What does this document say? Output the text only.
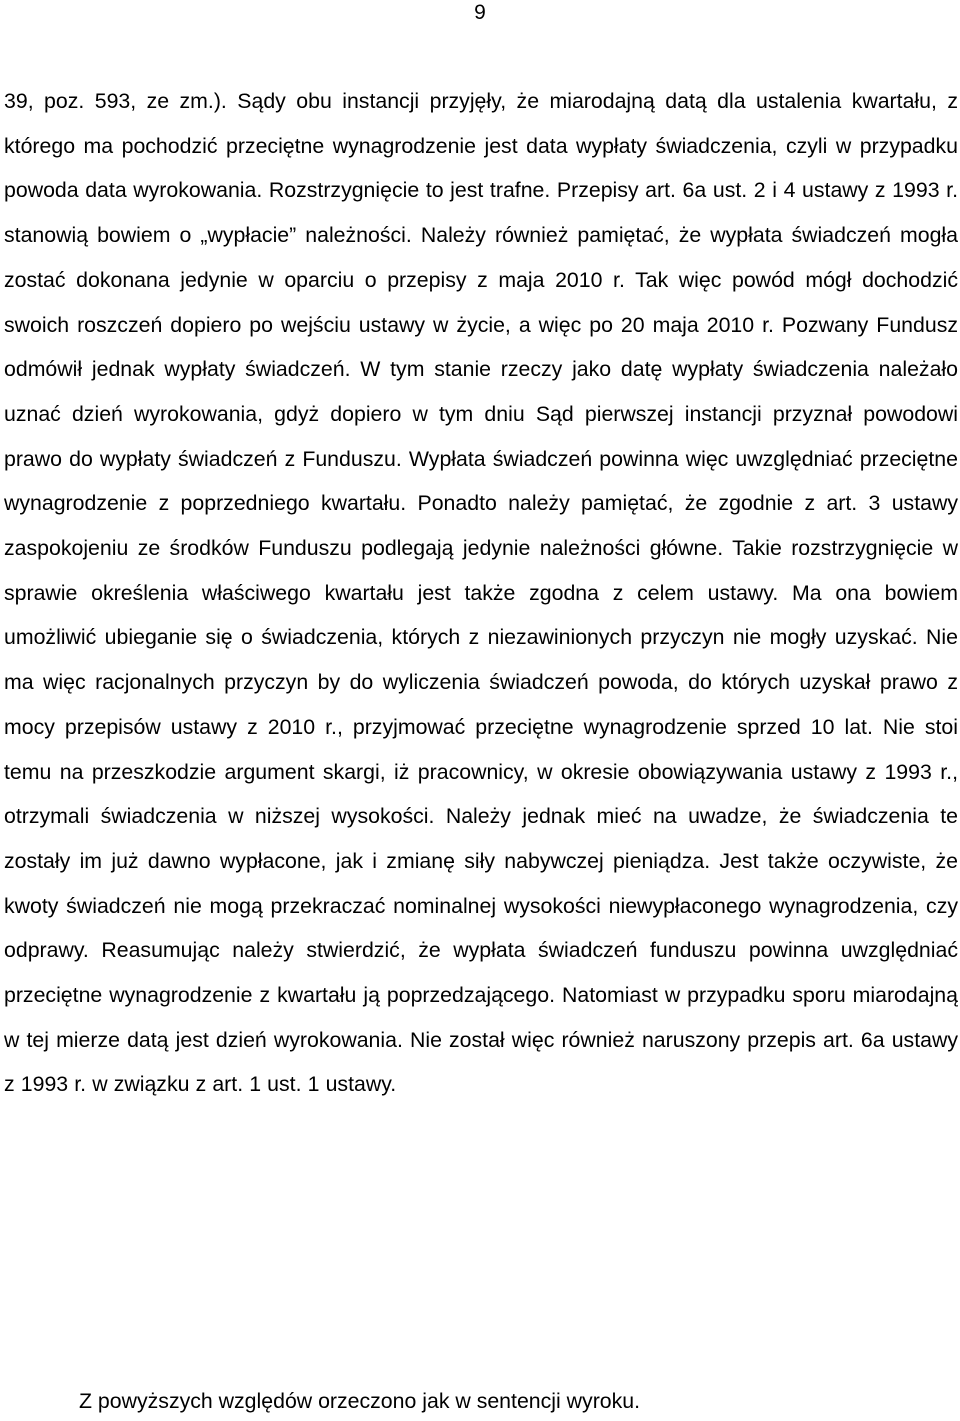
9

39, poz. 593, ze zm.). Sądy obu instancji przyjęły, że miarodajną datą dla ustalenia kwartału, z którego ma pochodzić przeciętne wynagrodzenie jest data wypłaty świadczenia, czyli w przypadku powoda data wyrokowania. Rozstrzygnięcie to jest trafne. Przepisy art. 6a ust. 2 i 4 ustawy z 1993 r. stanowią bowiem o „wypłacie” należności. Należy również pamiętać, że wypłata świadczeń mogła zostać dokonana jedynie w oparciu o przepisy z maja 2010 r. Tak więc powód mógł dochodzić swoich roszczeń dopiero po wejściu ustawy w życie, a więc po 20 maja 2010 r. Pozwany Fundusz odmówił jednak wypłaty świadczeń. W tym stanie rzeczy jako datę wypłaty świadczenia należało uznać dzień wyrokowania, gdyż dopiero w tym dniu Sąd pierwszej instancji przyznał powodowi prawo do wypłaty świadczeń z Funduszu. Wypłata świadczeń powinna więc uwzględniać przeciętne wynagrodzenie z poprzedniego kwartału. Ponadto należy pamiętać, że zgodnie z art. 3 ustawy zaspokojeniu ze środków Funduszu podlegają jedynie należności główne. Takie rozstrzygnięcie w sprawie określenia właściwego kwartału jest także zgodna z celem ustawy. Ma ona bowiem umożliwić ubieganie się o świadczenia, których z niezawinionych przyczyn nie mogły uzyskać. Nie ma więc racjonalnych przyczyn by do wyliczenia świadczeń powoda, do których uzyskał prawo z mocy przepisów ustawy z 2010 r., przyjmować przeciętne wynagrodzenie sprzed 10 lat. Nie stoi temu na przeszkodzie argument skargi, iż pracownicy, w okresie obowiązywania ustawy z 1993 r., otrzymali świadczenia w niższej wysokości. Należy jednak mieć na uwadze, że świadczenia te zostały im już dawno wypłacone, jak i zmianę siły nabywczej pieniądza. Jest także oczywiste, że kwoty świadczeń nie mogą przekraczać nominalnej wysokości niewypłaconego wynagrodzenia, czy odprawy. Reasumując należy stwierdzić, że wypłata świadczeń funduszu powinna uwzględniać przeciętne wynagrodzenie z kwartału ją poprzedzającego. Natomiast w przypadku sporu miarodajną w tej mierze datą jest dzień wyrokowania. Nie został więc również naruszony przepis art. 6a ustawy z 1993 r. w związku z art. 1 ust. 1 ustawy.

Z powyższych względów orzeczono jak w sentencji wyroku.
